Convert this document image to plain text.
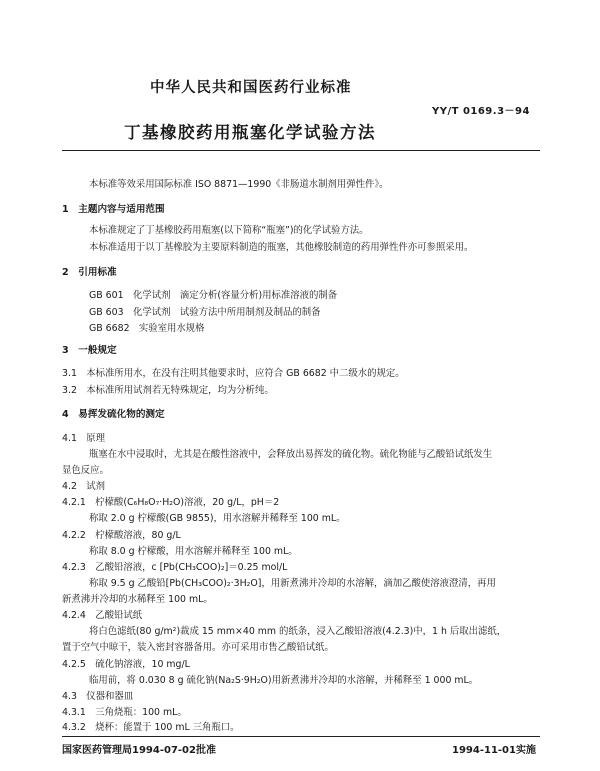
中华人民共和国医药行业标准
YY/T 0169.3－94
丁基橡胶药用瓶塞化学试验方法
本标准等效采用国际标准 ISO 8871—1990《非肠道水制剂用弹性件》。
1　主题内容与适用范围
本标准规定了丁基橡胶药用瓶塞(以下简称“瓶塞”)的化学试验方法。
本标准适用于以丁基橡胶为主要原料制造的瓶塞，其他橡胶制造的药用弹性件亦可参照采用。
2　引用标准
GB 601　化学试剂　滴定分析(容量分析)用标准溶液的制备
GB 603　化学试剂　试验方法中所用制剂及制品的制备
GB 6682　实验室用水规格
3　一般规定
3.1　本标准所用水，在没有注明其他要求时，应符合 GB 6682 中二级水的规定。
3.2　本标准所用试剂若无特殊规定，均为分析纯。
4　易挥发硫化物的测定
4.1　原理
瓶塞在水中浸取时，尤其是在酸性溶液中，会释放出易挥发的硫化物。硫化物能与乙酸铅试纸发生
显色反应。
4.2　试剂
4.2.1　柠檬酸(C₆H₈O₇·H₂O)溶液，20 g/L，pH＝2
称取 2.0 g 柠檬酸(GB 9855)，用水溶解并稀释至 100 mL。
4.2.2　柠檬酸溶液，80 g/L
称取 8.0 g 柠檬酸，用水溶解并稀释至 100 mL。
4.2.3　乙酸铅溶液，c [Pb(CH₃COO)₂]＝0.25 mol/L
称取 9.5 g 乙酸铅[Pb(CH₃COO)₂·3H₂O]，用新煮沸并冷却的水溶解，滴加乙酸使溶液澄清，再用
新煮沸并冷却的水稀释至 100 mL。
4.2.4　乙酸铅试纸
将白色滤纸(80 g/m²)裁成 15 mm×40 mm 的纸条，浸入乙酸铅溶液(4.2.3)中，1 h 后取出滤纸，
置于空气中晾干，装入密封容器备用。亦可采用市售乙酸铅试纸。
4.2.5　硫化钠溶液，10 mg/L
临用前，将 0.030 8 g 硫化钠(Na₂S·9H₂O)用新煮沸并冷却的水溶解，并稀释至 1 000 mL。
4.3　仪器和器皿
4.3.1　三角烧瓶：100 mL。
4.3.2　烧杯：能置于 100 mL 三角瓶口。
国家医药管理局1994-07-02批准	1994-11-01实施
